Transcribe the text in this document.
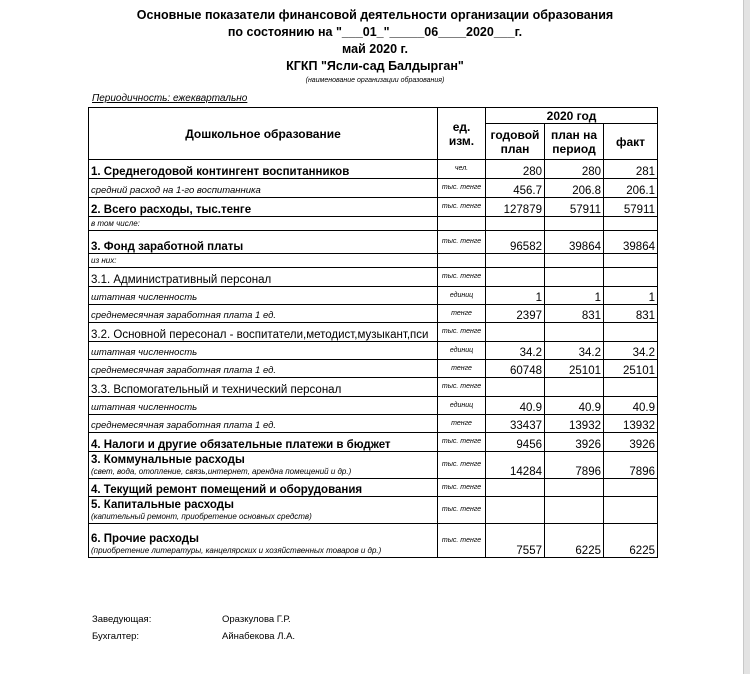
Основные показатели финансовой деятельности организации образования
по состоянию на "___01_"_____06____2020___г.
май 2020 г.
КГКП "Ясли-сад Балдырган"
(наименование организации образования)
Периодичность: ежеквартально
Дошкольное образование	ед. изм.	2020 год		
		годовой план	план на период	факт
1. Среднегодовой контингент воспитанников	чел.	280	280	281
средний расход на 1-го воспитанника	тыс. тенге	456.7	206.8	206.1
2. Всего расходы, тыс.тенге	тыс. тенге	127879	57911	57911
в том числе:				
3. Фонд заработной платы	тыс. тенге	96582	39864	39864
из них:				
3.1. Административный персонал	тыс. тенге			
штатная численность	единиц	1	1	1
среднемесячная заработная плата 1 ед.	тенге	2397	831	831
3.2. Основной пересонал - воспитатели,методист,музыкант,пси	тыс. тенге			
штатная численность	единиц	34.2	34.2	34.2
среднемесячная заработная плата 1 ед.	тенге	60748	25101	25101
3.3. Вспомогательный и технический персонал	тыс. тенге			
штатная численность	единиц	40.9	40.9	40.9
среднемесячная заработная плата 1 ед.	тенге	33437	13932	13932
4. Налоги и другие обязательные платежи в бюджет	тыс. тенге	9456	3926	3926

3. Коммунальные расходы
(свет, вода, отопление, связь,интернет, арендна помещений и др.)	тыс. тенге	14284	7896	7896
4. Текущий ремонт помещений и оборудования	тыс. тенге			

5. Капитальные расходы
(капительный ремонт, приобретение основных средств)	тыс. тенге			

6. Прочие расходы
(приобретение литературы, канцелярских и хозяйственных товаров и др.)	тыс. тенге	7557	6225	6225
Заведующая:	Оразкулова Г.Р.
Бухгалтер:	Айнабекова Л.А.
